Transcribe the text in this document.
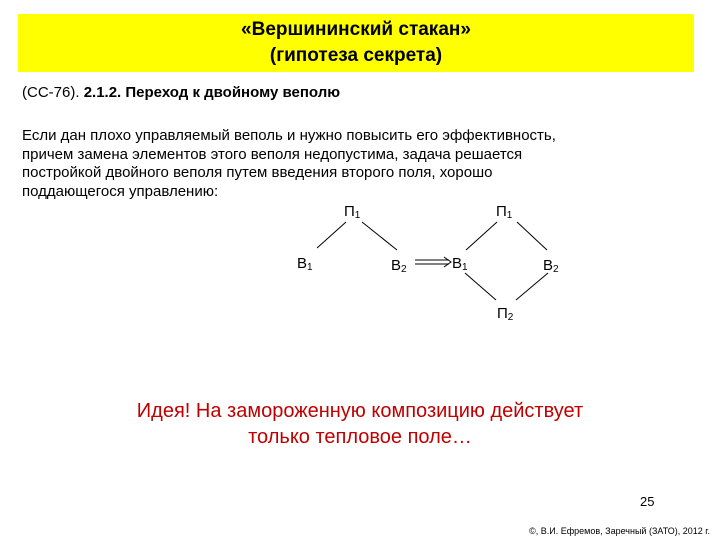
«Вершининский стакан»
(гипотеза секрета)
(СС-76). 2.1.2. Переход к двойному веполю
Если дан плохо управляемый веполь и нужно повысить его эффективность,
причем замена элементов этого веполя недопустима, задача решается
постройкой двойного веполя путем введения второго поля, хорошо
поддающегося управлению:
$П_1$
$В_1$	$В_2$
$П_1$
$В_1$	$В_2$
$П_2$
Идея! На замороженную композицию действует
только тепловое поле…
25
©, В.И. Ефремов, Заречный (ЗАТО), 2012 г.
